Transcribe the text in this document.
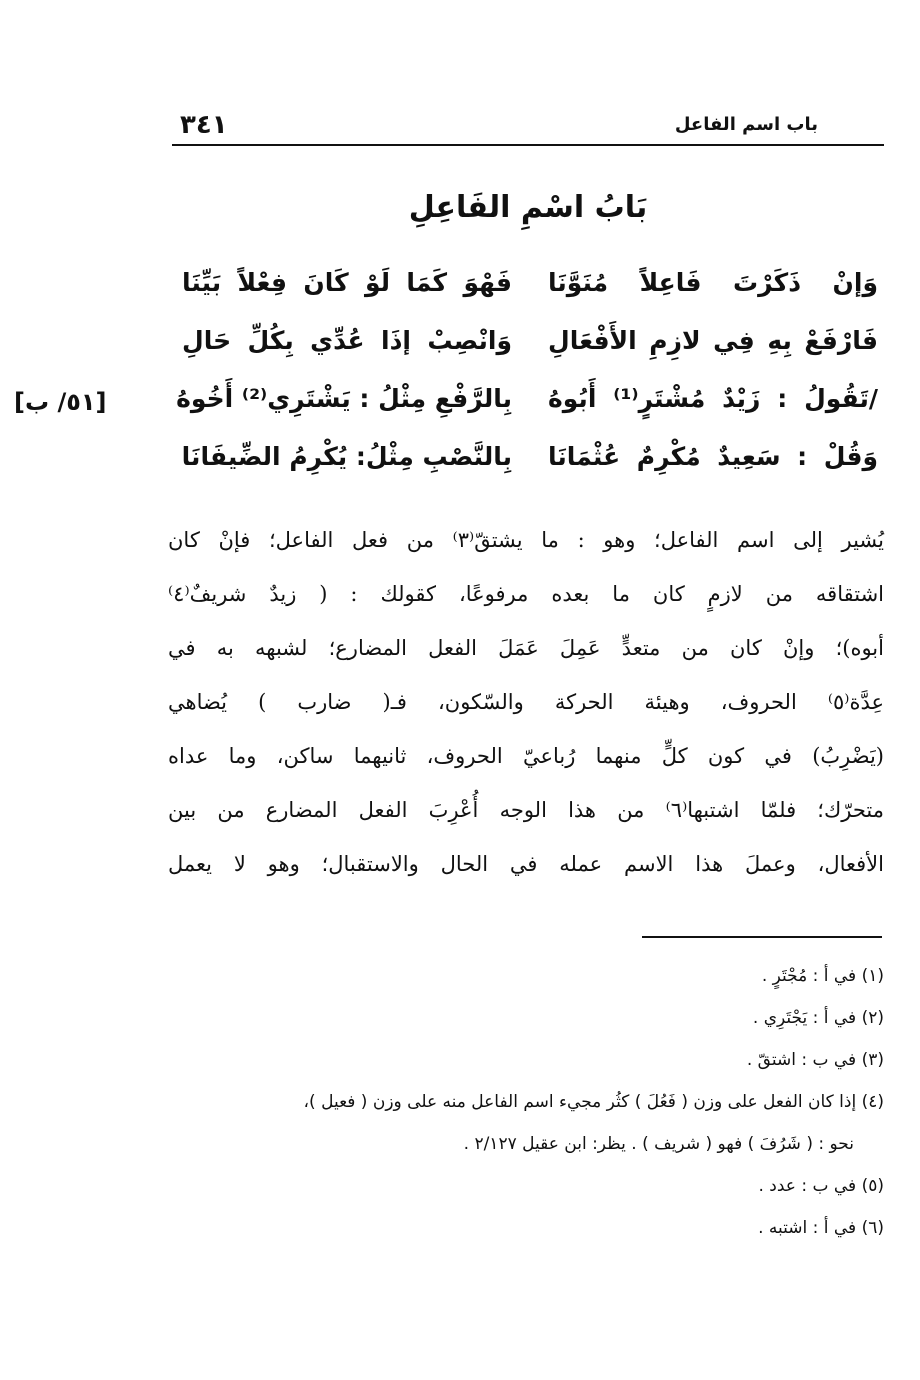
٣٤١	باب اسم الفاعل
بَابُ اسْمِ الفَاعِلِ
[٥١/ ب]
وَإنْ ذَكَرْتَ فَاعِلاً مُنَوَّنَا
فَهْوَ كَمَا لَوْ كَانَ فِعْلاً بَيِّنَا
فَارْفَعْ بِهِ فِي لازِمِ الأَفْعَالِ
وَانْصِبْ إذَا عُدِّي بِكُلِّ حَالِ
/تَقُولُ : زَيْدٌ مُشْتَرٍ⁽¹⁾ أَبُوهُ
بِالرَّفْعِ مِثْلُ : يَشْتَرِي⁽²⁾ أَخُوهُ
وَقُلْ : سَعِيدٌ مُكْرِمٌ عُثْمَانَا
بِالنَّصْبِ مِثْلُ: يُكْرِمُ الضِّيفَانَا
يُشير إلى اسم الفاعل؛ وهو : ما يشتقّ⁽٣⁾ من فعل الفاعل؛ فإنْ كان
اشتقاقه من لازمٍ كان ما بعده مرفوعًا، كقولك : ( زيدٌ شريفٌ⁽٤⁾
أبوه)؛ وإنْ كان من متعدٍّ عَمِلَ عَمَلَ الفعل المضارع؛ لشبهه به في
عِدَّة⁽٥⁾ الحروف، وهيئة الحركة والسّكون، فـ( ضارب ) يُضاهي
(يَضْرِبُ) في كون كلٍّ منهما رُباعيّ الحروف، ثانيهما ساكن، وما عداه
متحرّك؛ فلمّا اشتبها⁽٦⁾ من هذا الوجه أُعْرِبَ الفعل المضارع من بين
الأفعال، وعملَ هذا الاسم عمله في الحال والاستقبال؛ وهو لا يعمل
(١) في أ : مُجْتَرٍ .
(٢) في أ : يَجْتَرِي .
(٣) في ب : اشتقّ .
(٤) إذا كان الفعل على وزن ( فَعُلَ ) كثُر مجيء اسم الفاعل منه على وزن ( فعيل )،
نحو : ( شَرُفَ ) فهو ( شريف ) . يظر: ابن عقيل ٢/١٢٧ .
(٥) في ب : عدد .
(٦) في أ : اشتبه .
